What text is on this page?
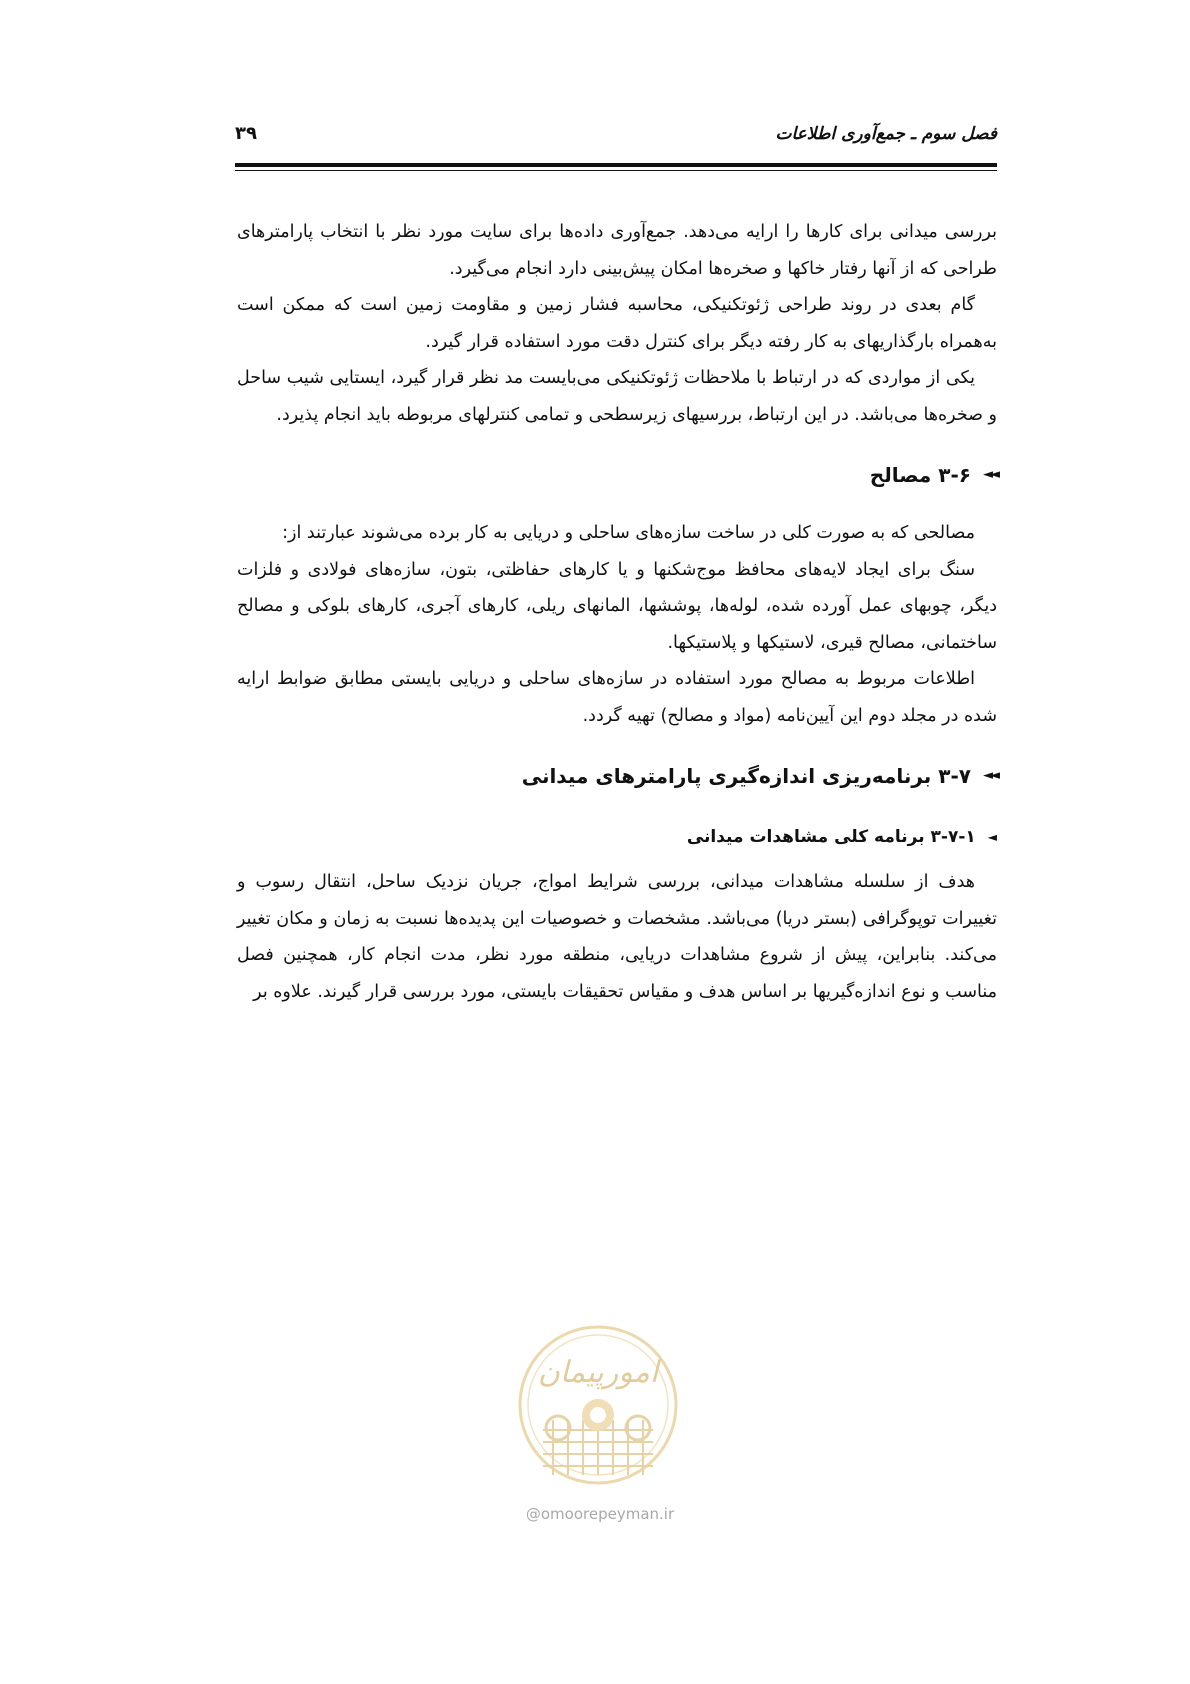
فصل سوم ـ جمع‌آوری اطلاعات
۳۹

بررسی میدانی برای کارها را ارایه می‌دهد. جمع‌آوری داده‌ها برای سایت مورد نظر با انتخاب پارامترهای طراحی که از آنها رفتار خاکها و صخره‌ها امکان پیش‌بینی دارد انجام می‌گیرد.

گام بعدی در روند طراحی ژئوتکنیکی، محاسبه فشار زمین و مقاومت زمین است که ممکن است به‌همراه بارگذاریهای به کار رفته دیگر برای کنترل دقت مورد استفاده قرار گیرد.

یکی از مواردی که در ارتباط با ملاحظات ژئوتکنیکی می‌بایست مد نظر قرار گیرد، ایستایی شیب ساحل و صخره‌ها می‌باشد. در این ارتباط، بررسیهای زیرسطحی و تمامی کنترلهای مربوطه باید انجام پذیرد.

◄◄
۳-۶ مصالح

مصالحی که به صورت کلی در ساخت سازه‌های ساحلی و دریایی به کار برده می‌شوند عبارتند از:

سنگ برای ایجاد لایه‌های محافظ موج‌شکنها و یا کارهای حفاظتی، بتون، سازه‌های فولادی و فلزات دیگر، چوبهای عمل آورده شده، لوله‌ها، پوششها، المانهای ریلی، کارهای آجری، کارهای بلوکی و مصالح ساختمانی، مصالح قیری، لاستیکها و پلاستیکها.

اطلاعات مربوط به مصالح مورد استفاده در سازه‌های ساحلی و دریایی بایستی مطابق ضوابط ارایه شده در مجلد دوم این آیین‌نامه (مواد و مصالح) تهیه گردد.

◄◄
۳-۷ برنامه‌ریزی اندازه‌گیری پارامترهای میدانی
◄
۳-۷-۱ برنامه کلی مشاهدات میدانی

هدف از سلسله مشاهدات میدانی، بررسی شرایط امواج، جریان نزدیک ساحل، انتقال رسوب و تغییرات توپوگرافی (بستر دریا) می‌باشد. مشخصات و خصوصیات این پدیده‌ها نسبت به زمان و مکان تغییر می‌کند. بنابراین، پیش از شروع مشاهدات دریایی، منطقه مورد نظر، مدت انجام کار، همچنین فصل مناسب و نوع اندازه‌گیریها بر اساس هدف و مقیاس تحقیقات بایستی، مورد بررسی قرار گیرند. علاوه بر

امورپیمان
@omoorepeyman.ir
